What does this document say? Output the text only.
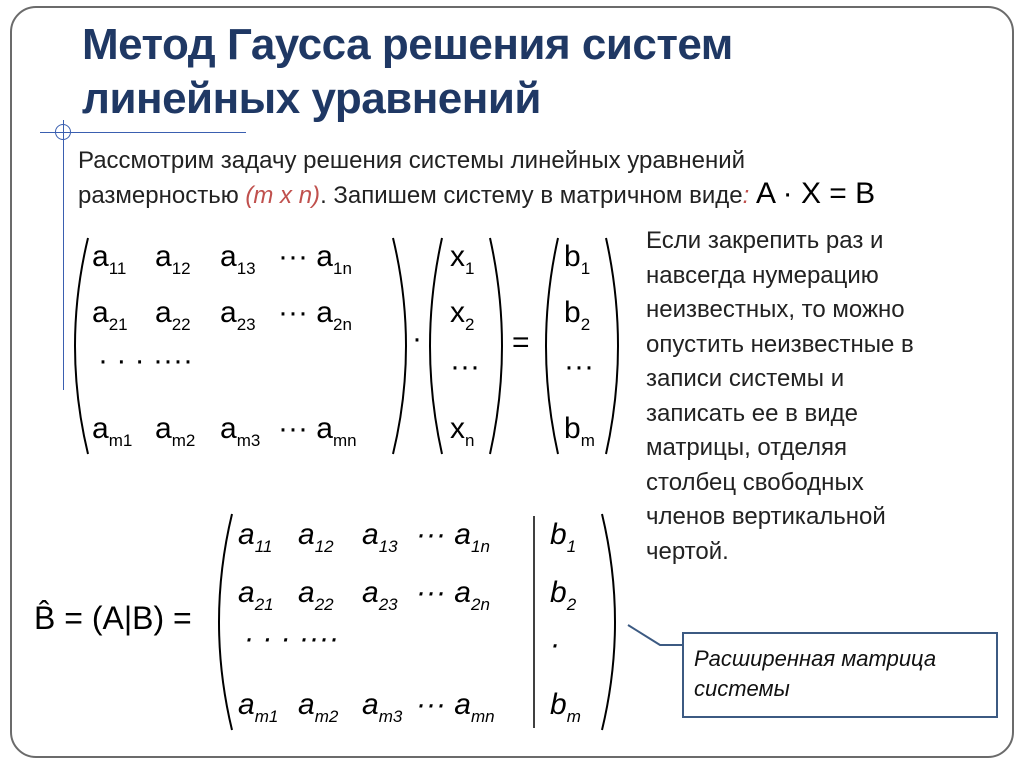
Метод Гаусса решения систем
линейных уравнений
Рассмотрим задачу решения системы линейных уравнений
размерностью (m x n). Запишем систему в матричном виде: A · X = B
$a_{11}$ $a_{12}$ $a_{13}$ ··· $a_{1n}$
$a_{21}$ $a_{22}$ $a_{23}$ ··· $a_{2n}$
· · · ····
$a_{m1}$ $a_{m2}$ $a_{m3}$ ··· $a_{mn}$
·
$x_1$
$x_2$
···
$x_n$
=
$b_1$
$b_2$
···
$b_m$
B̂ = (A|B) =
$a_{11}$ $a_{12}$ $a_{13}$ ··· $a_{1n}$
$a_{21}$ $a_{22}$ $a_{23}$ ··· $a_{2n}$
· · · ····
$a_{m1}$ $a_{m2}$ $a_{m3}$ ··· $a_{mn}$
$b_1$
$b_2$
·
$b_m$
Если закрепить раз и
навсегда нумерацию
неизвестных, то можно
опустить неизвестные в
записи системы и
записать ее в виде
матрицы, отделяя
столбец свободных
членов вертикальной
чертой.
Расширенная матрица
системы
